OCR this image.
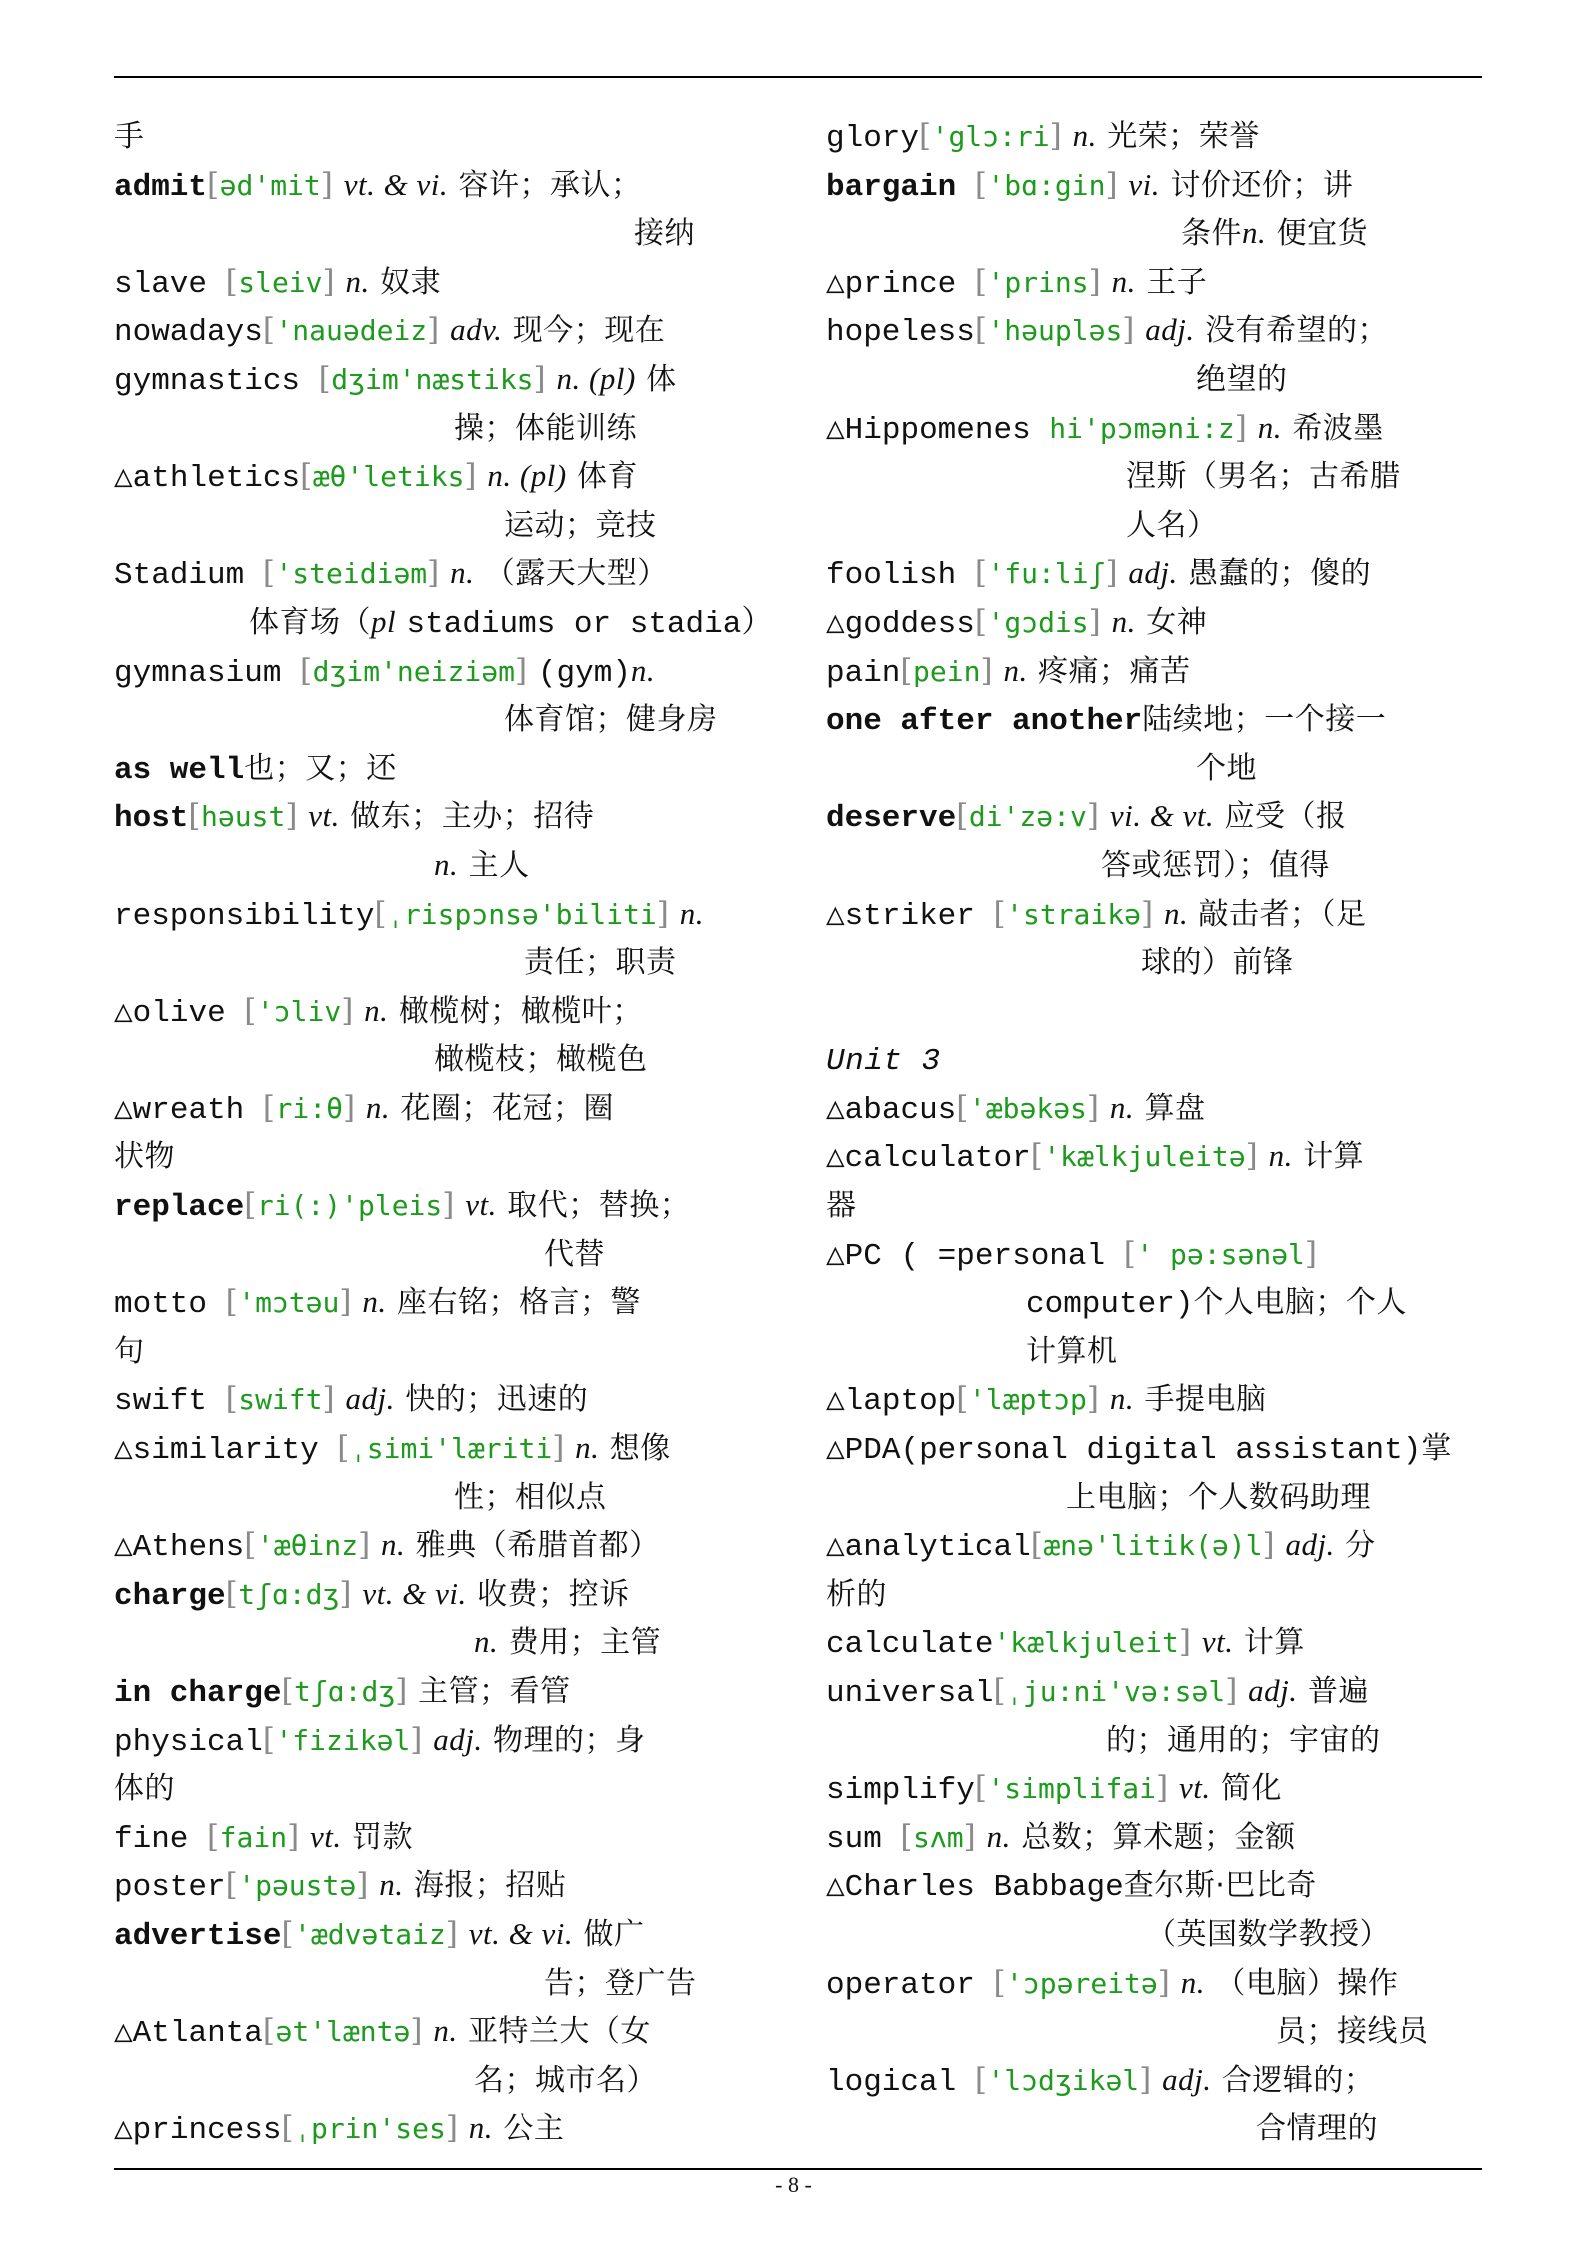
手
admit[əd'mit] vt. & vi. 容许；承认；
接纳
slave [sleiv] n. 奴隶
nowadays['nauədeiz] adv. 现今；现在
gymnastics [dʒim'næstiks] n. (pl) 体
操；体能训练
△athletics[æθ'letiks] n. (pl) 体育
运动；竞技
Stadium ['steidiəm] n. （露天大型）
体育场（pl stadiums or stadia）
gymnasium [dʒim'neiziəm] (gym)n.
体育馆；健身房
as well也；又；还
host[həust] vt. 做东；主办；招待
n. 主人
responsibility[ˌrispɔnsə'biliti] n.
责任；职责
△olive ['ɔliv] n. 橄榄树；橄榄叶；
橄榄枝；橄榄色
△wreath [ri:θ] n. 花圈；花冠；圈
状物
replace[ri(:)'pleis] vt. 取代；替换；
代替
motto ['mɔtəu] n. 座右铭；格言；警
句
swift [swift] adj. 快的；迅速的
△similarity [ˌsimi'læriti] n. 想像
性；相似点
△Athens['æθinz] n. 雅典（希腊首都）
charge[tʃɑ:dʒ] vt. & vi. 收费；控诉
n. 费用；主管
in charge[tʃɑ:dʒ] 主管；看管
physical['fizikəl] adj. 物理的；身
体的
fine [fain] vt. 罚款
poster['pəustə] n. 海报；招贴
advertise['ædvətaiz] vt. & vi. 做广
告；登广告
△Atlanta[ət'læntə] n. 亚特兰大（女
名；城市名）
△princess[ˌprin'ses] n. 公主
glory['glɔ:ri] n. 光荣；荣誉
bargain ['bɑ:gin] vi. 讨价还价；讲
条件n. 便宜货
△prince ['prins] n. 王子
hopeless['həupləs] adj. 没有希望的；
绝望的
△Hippomenes hi'pɔməni:z] n. 希波墨
涅斯（男名；古希腊
人名）
foolish ['fu:liʃ] adj. 愚蠢的；傻的
△goddess['gɔdis] n. 女神
pain[pein] n. 疼痛；痛苦
one after another陆续地；一个接一
个地
deserve[di'zə:v] vi. & vt. 应受（报
答或惩罚）；值得
△striker ['straikə] n. 敲击者；（足
球的）前锋
Unit 3
△abacus['æbəkəs] n. 算盘
△calculator['kælkjuleitə] n. 计算
器
△PC ( =personal [' pə:sənəl]
computer)个人电脑；个人
计算机
△laptop['læptɔp] n. 手提电脑
△PDA(personal digital assistant)掌
上电脑；个人数码助理
△analytical[ænə'litik(ə)l] adj. 分
析的
calculate'kælkjuleit] vt. 计算
universal[ˌju:ni'və:səl] adj. 普遍
的；通用的；宇宙的
simplify['simplifai] vt. 简化
sum [sʌm] n. 总数；算术题；金额
△Charles Babbage查尔斯·巴比奇
（英国数学教授）
operator ['ɔpəreitə] n. （电脑）操作
员；接线员
logical ['lɔdʒikəl] adj. 合逻辑的；
合情理的
- 8 -
